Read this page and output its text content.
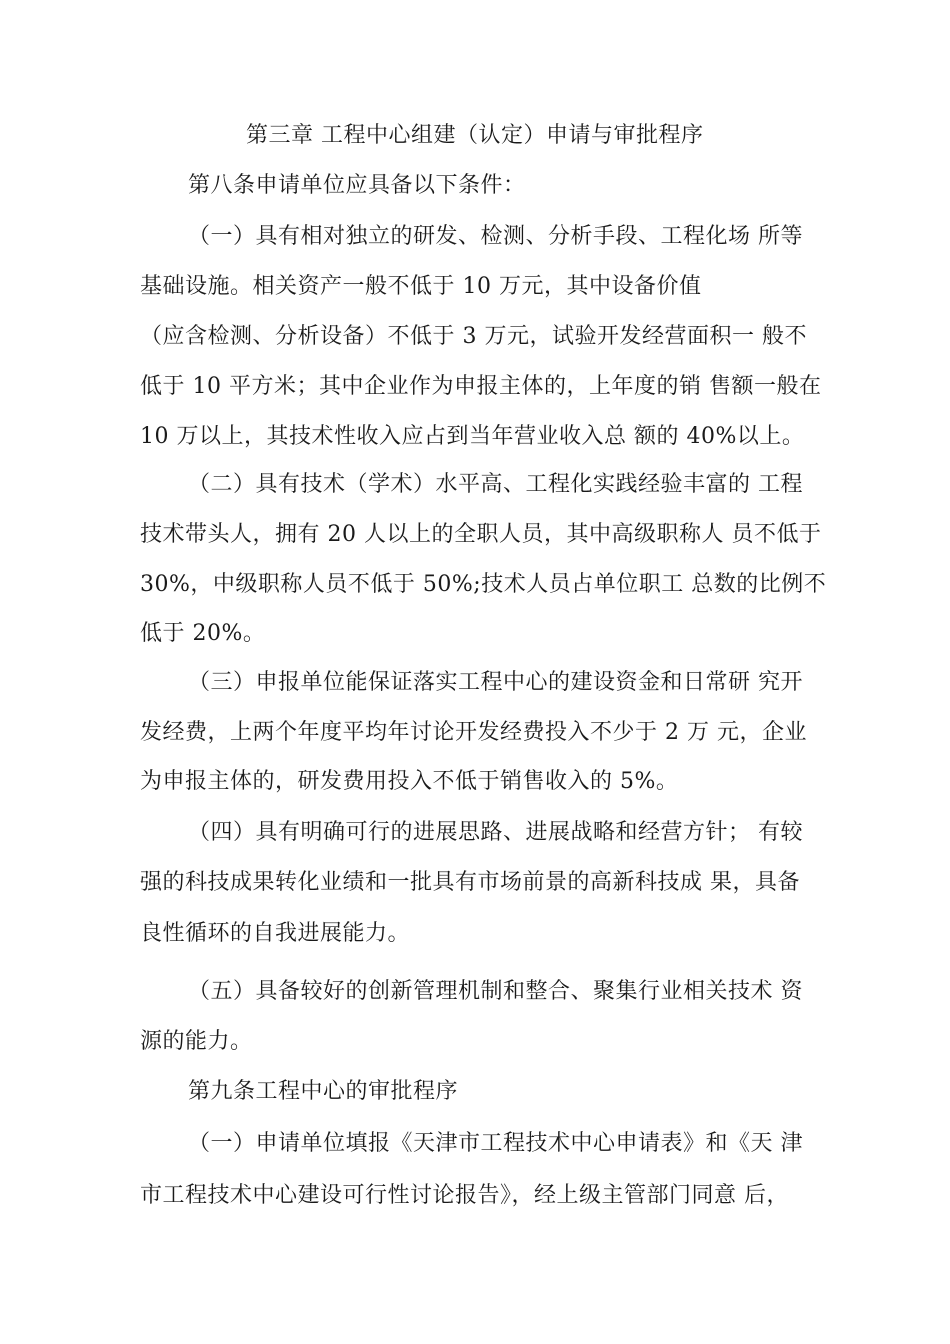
第三章 工程中心组建（认定）申请与审批程序
第八条申请单位应具备以下条件：
（一）具有相对独立的研发、检测、分析手段、工程化场 所等
基础设施。相关资产一般不低于 10 万元，其中设备价值
（应含检测、分析设备）不低于 3 万元，试验开发经营面积一 般不
低于 10 平方米；其中企业作为申报主体的，上年度的销 售额一般在
10 万以上，其技术性收入应占到当年营业收入总 额的 40%以上。
（二）具有技术（学术）水平高、工程化实践经验丰富的 工程
技术带头人，拥有 20 人以上的全职人员，其中高级职称人 员不低于
30%，中级职称人员不低于 50%;技术人员占单位职工 总数的比例不
低于 20%。
（三）申报单位能保证落实工程中心的建设资金和日常研 究开
发经费，上两个年度平均年讨论开发经费投入不少于 2 万 元，企业
为申报主体的，研发费用投入不低于销售收入的 5%。
（四）具有明确可行的进展思路、进展战略和经营方针； 有较
强的科技成果转化业绩和一批具有市场前景的高新科技成 果，具备
良性循环的自我进展能力。
（五）具备较好的创新管理机制和整合、聚集行业相关技术 资
源的能力。
第九条工程中心的审批程序
（一）申请单位填报《天津市工程技术中心申请表》和《天 津
市工程技术中心建设可行性讨论报告》，经上级主管部门同意 后，
